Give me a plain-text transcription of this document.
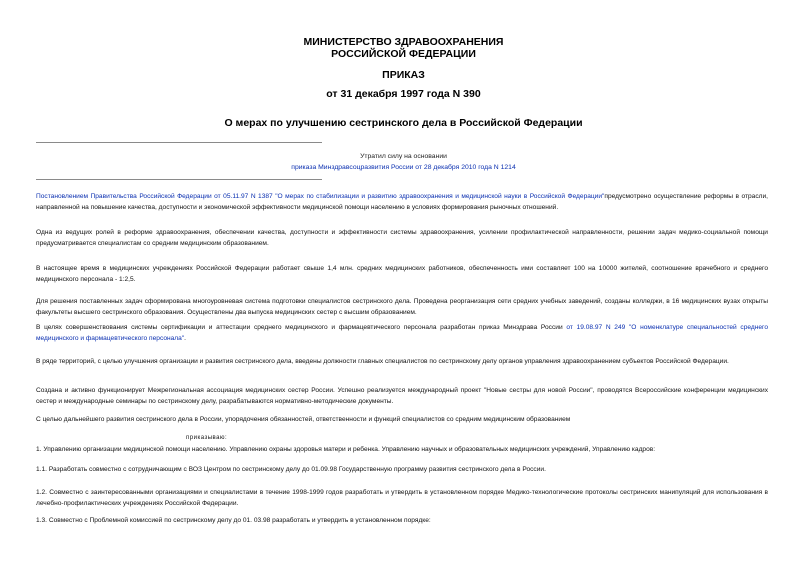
МИНИСТЕРСТВО ЗДРАВООХРАНЕНИЯ
РОССИЙСКОЙ ФЕДЕРАЦИИ
ПРИКАЗ
от 31 декабря 1997 года N 390
О мерах по улучшению сестринского дела в Российской Федерации
Утратил силу на основании
приказа Минздравсоцразвития России от 28 декабря 2010 года N 1214
Постановлением Правительства Российской Федерации от 05.11.97 N 1387 "О мерах по стабилизации и развитию здравоохранения и медицинской науки в Российской Федерации"предусмотрено осуществление реформы в отрасли, направленной на повышение качества, доступности и экономической эффективности медицинской помощи населению в условиях формирования рыночных отношений.
Одна из ведущих ролей в реформе здравоохранения, обеспечении качества, доступности и эффективности системы здравоохранения, усилении профилактической направленности, решении задач медико-социальной помощи предусматривается специалистам со средним медицинским образованием.
В настоящее время в медицинских учреждениях Российской Федерации работает свыше 1,4 млн. средних медицинских работников, обеспеченность ими составляет 100 на 10000 жителей, соотношение врачебного и среднего медицинского персонала - 1:2,5.
Для решения поставленных задач сформирована многоуровневая система подготовки специалистов сестринского дела. Проведена реорганизация сети средних учебных заведений, созданы колледжи, в 16 медицинских вузах открыты факультеты высшего сестринского образования. Осуществлены два выпуска медицинских сестер с высшим образованием.
В целях совершенствования системы сертификации и аттестации среднего медицинского и фармацевтического персонала разработан приказ Минздрава России от 19.08.97 N 249 "О номенклатуре специальностей среднего медицинского и фармацевтического персонала".
В ряде территорий, с целью улучшения организации и развития сестринского дела, введены должности главных специалистов по сестринскому делу органов управления здравоохранением субъектов Российской Федерации.
Создана и активно функционирует Межрегиональная ассоциация медицинских сестер России. Успешно реализуется международный проект "Новые сестры для новой России", проводятся Всероссийские конференции медицинских сестер и международные семинары по сестринскому делу, разрабатываются нормативно-методические документы.
С целью дальнейшего развития сестринского дела в России, упорядочения обязанностей, ответственности и функций специалистов со средним медицинским образованием
приказываю:
1. Управлению организации медицинской помощи населению. Управлению охраны здоровья матери и ребенка. Управлению научных и образовательных медицинских учреждений, Управлению кадров:
1.1. Разработать совместно с сотрудничающим с ВОЗ Центром по сестринскому делу до 01.09.98 Государственную программу развития сестринского дела в России.
1.2. Совместно с заинтересованными организациями и специалистами в течение 1998-1999 годов разработать и утвердить в установленном порядке Медико-технологические протоколы сестринских манипуляций для использования в лечебно-профилактических учреждениях Российской Федерации.
1.3. Совместно с Проблемной комиссией по сестринскому делу до 01. 03.98 разработать и утвердить в установленном порядке:
